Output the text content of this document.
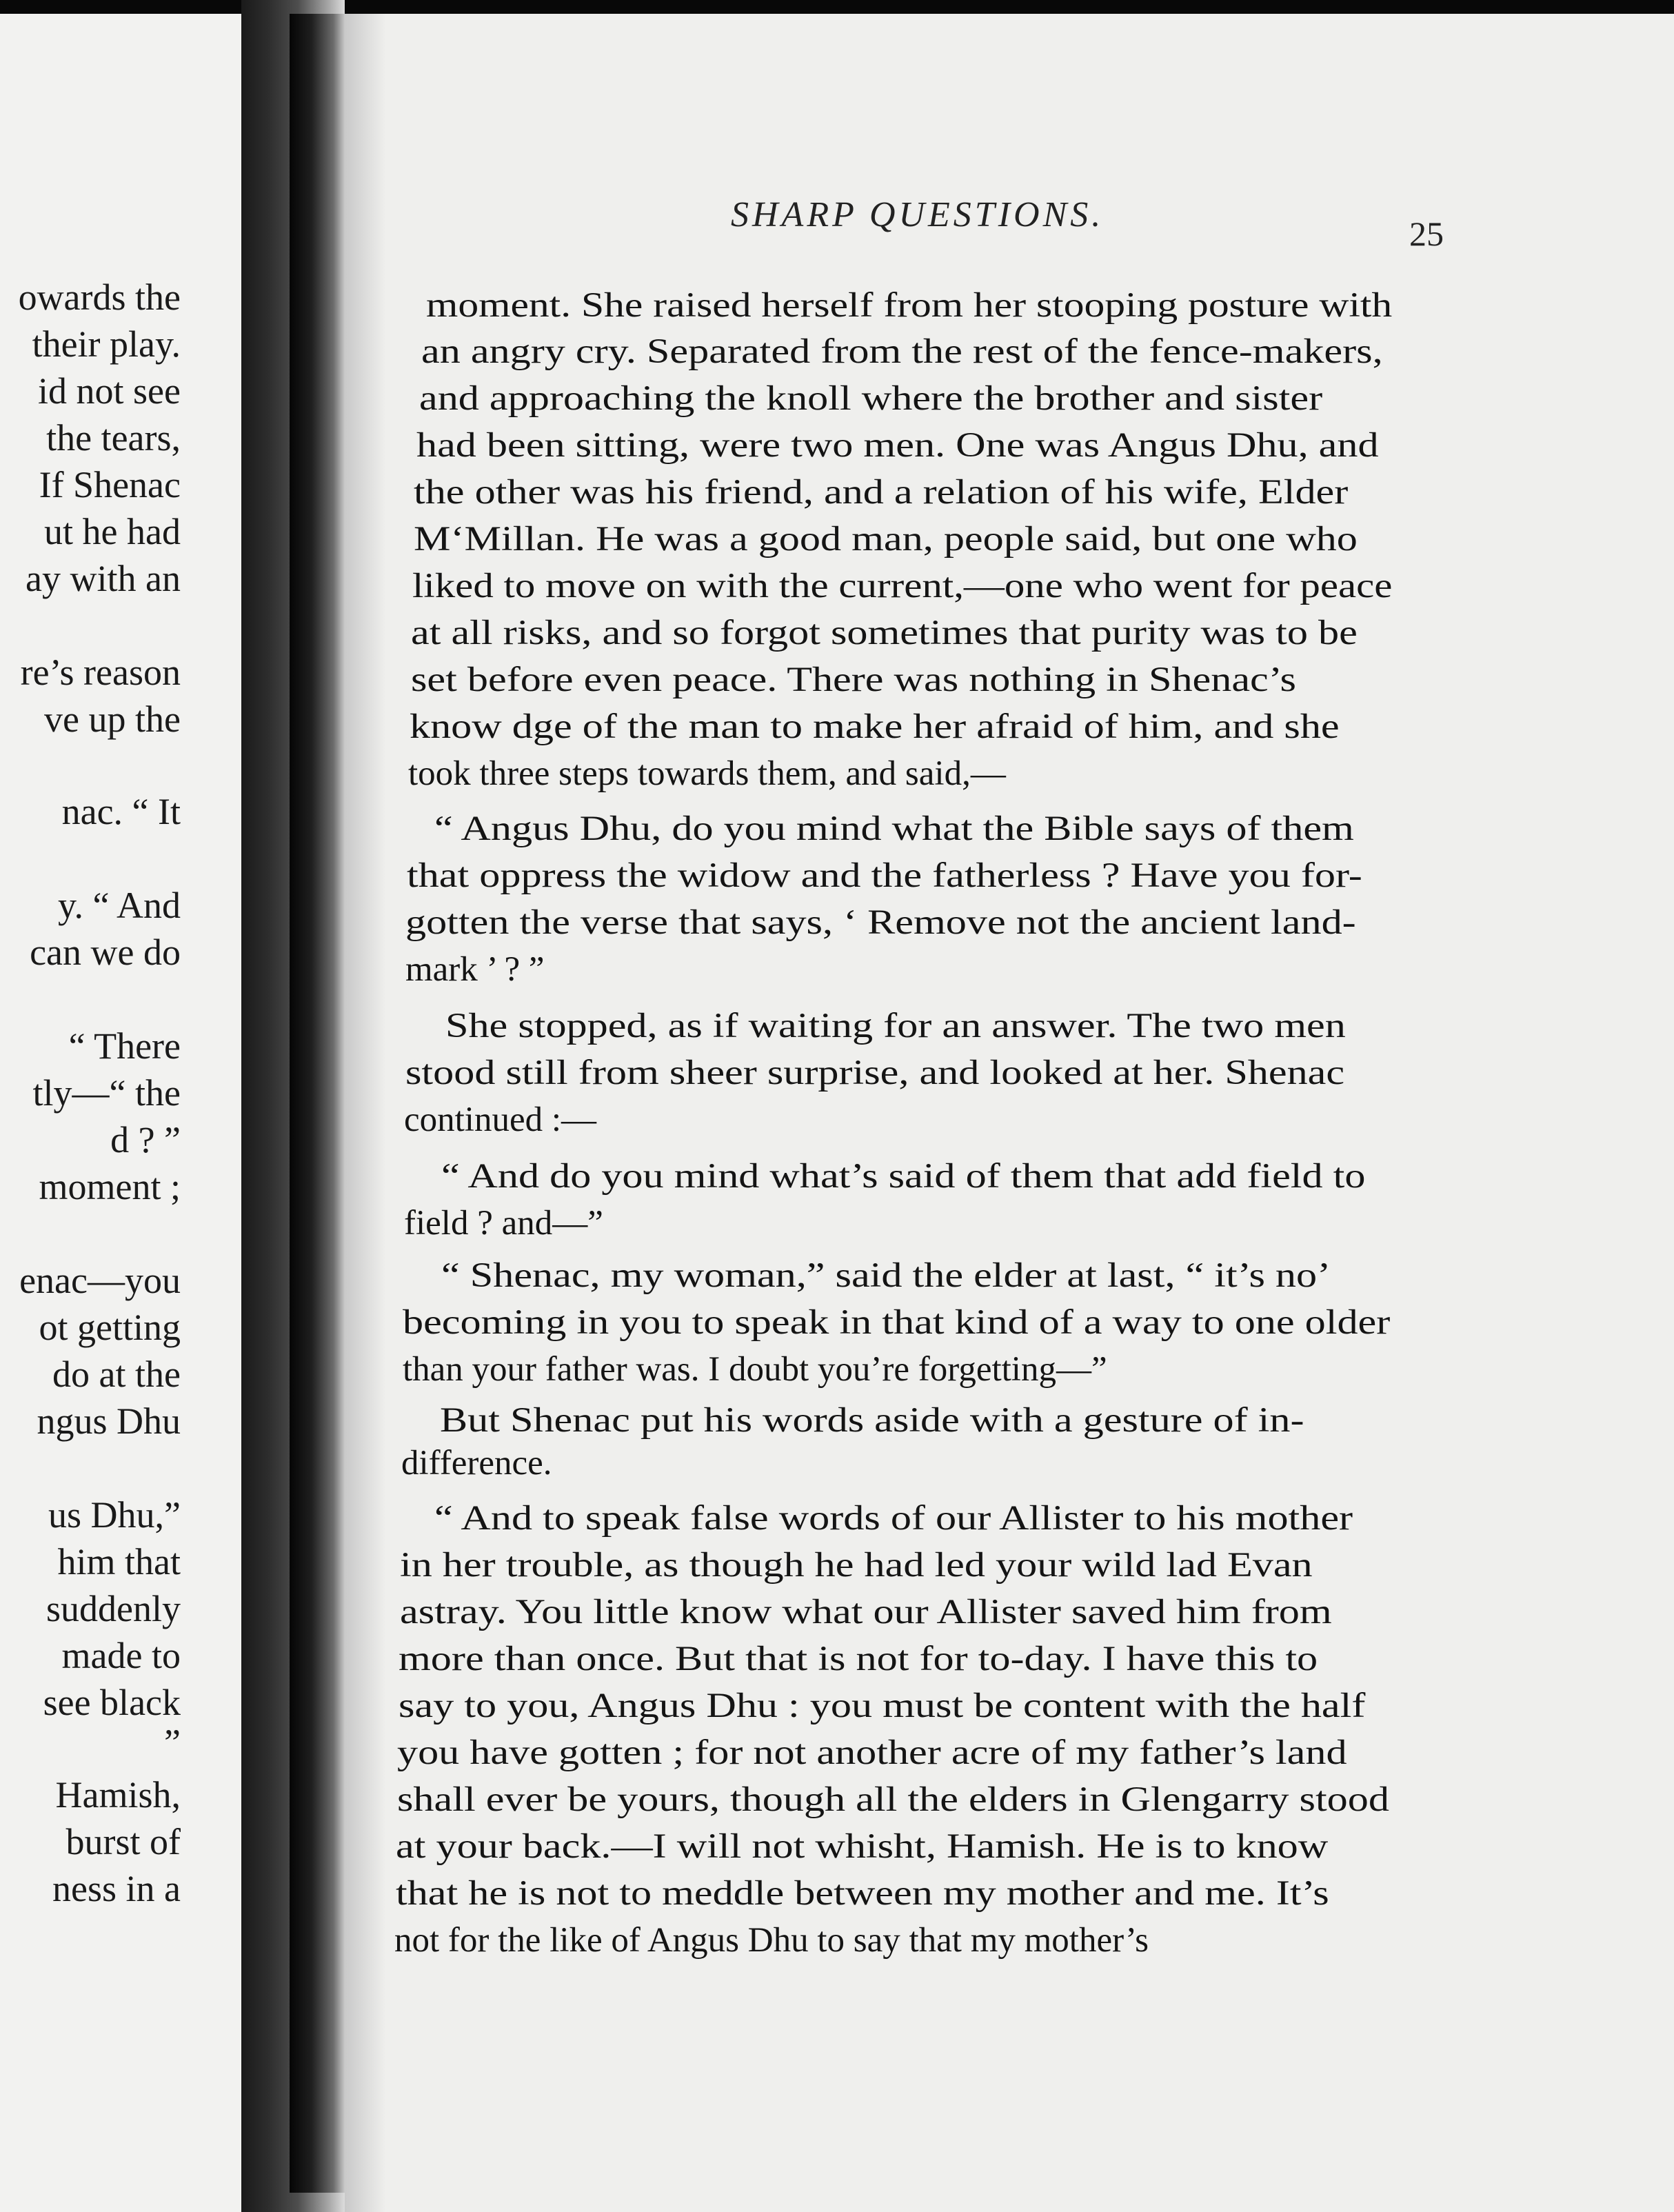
owards the
their play.
id not see
the tears,
If Shenac
ut he had
ay with an
re’s reason
ve up the
nac. “ It
y. “ And
can we do
“ There
tly—“ the
d ? ”
moment ;
enac—you
ot getting
do at the
ngus Dhu
us Dhu,”
him that
suddenly
made to
see black
”
Hamish,
burst of
ness in a
SHARP QUESTIONS.	25
moment. She raised herself from her stooping posture with
an angry cry. Separated from the rest of the fence-makers,
and approaching the knoll where the brother and sister
had been sitting, were two men. One was Angus Dhu, and
the other was his friend, and a relation of his wife, Elder
M‘Millan. He was a good man, people said, but one who
liked to move on with the current,—one who went for peace
at all risks, and so forgot sometimes that purity was to be
set before even peace. There was nothing in Shenac’s
know dge of the man to make her afraid of him, and she
took three steps towards them, and said,—
“ Angus Dhu, do you mind what the Bible says of them
that oppress the widow and the fatherless ? Have you for-
gotten the verse that says, ‘ Remove not the ancient land-
mark ’ ? ”
She stopped, as if waiting for an answer. The two men
stood still from sheer surprise, and looked at her. Shenac
continued :—
“ And do you mind what’s said of them that add field to
field ? and—”
“ Shenac, my woman,” said the elder at last, “ it’s no’
becoming in you to speak in that kind of a way to one older
than your father was. I doubt you’re forgetting—”
But Shenac put his words aside with a gesture of in-
difference.
“ And to speak false words of our Allister to his mother
in her trouble, as though he had led your wild lad Evan
astray. You little know what our Allister saved him from
more than once. But that is not for to-day. I have this to
say to you, Angus Dhu : you must be content with the half
you have gotten ; for not another acre of my father’s land
shall ever be yours, though all the elders in Glengarry stood
at your back.—I will not whisht, Hamish. He is to know
that he is not to meddle between my mother and me. It’s
not for the like of Angus Dhu to say that my mother’s
